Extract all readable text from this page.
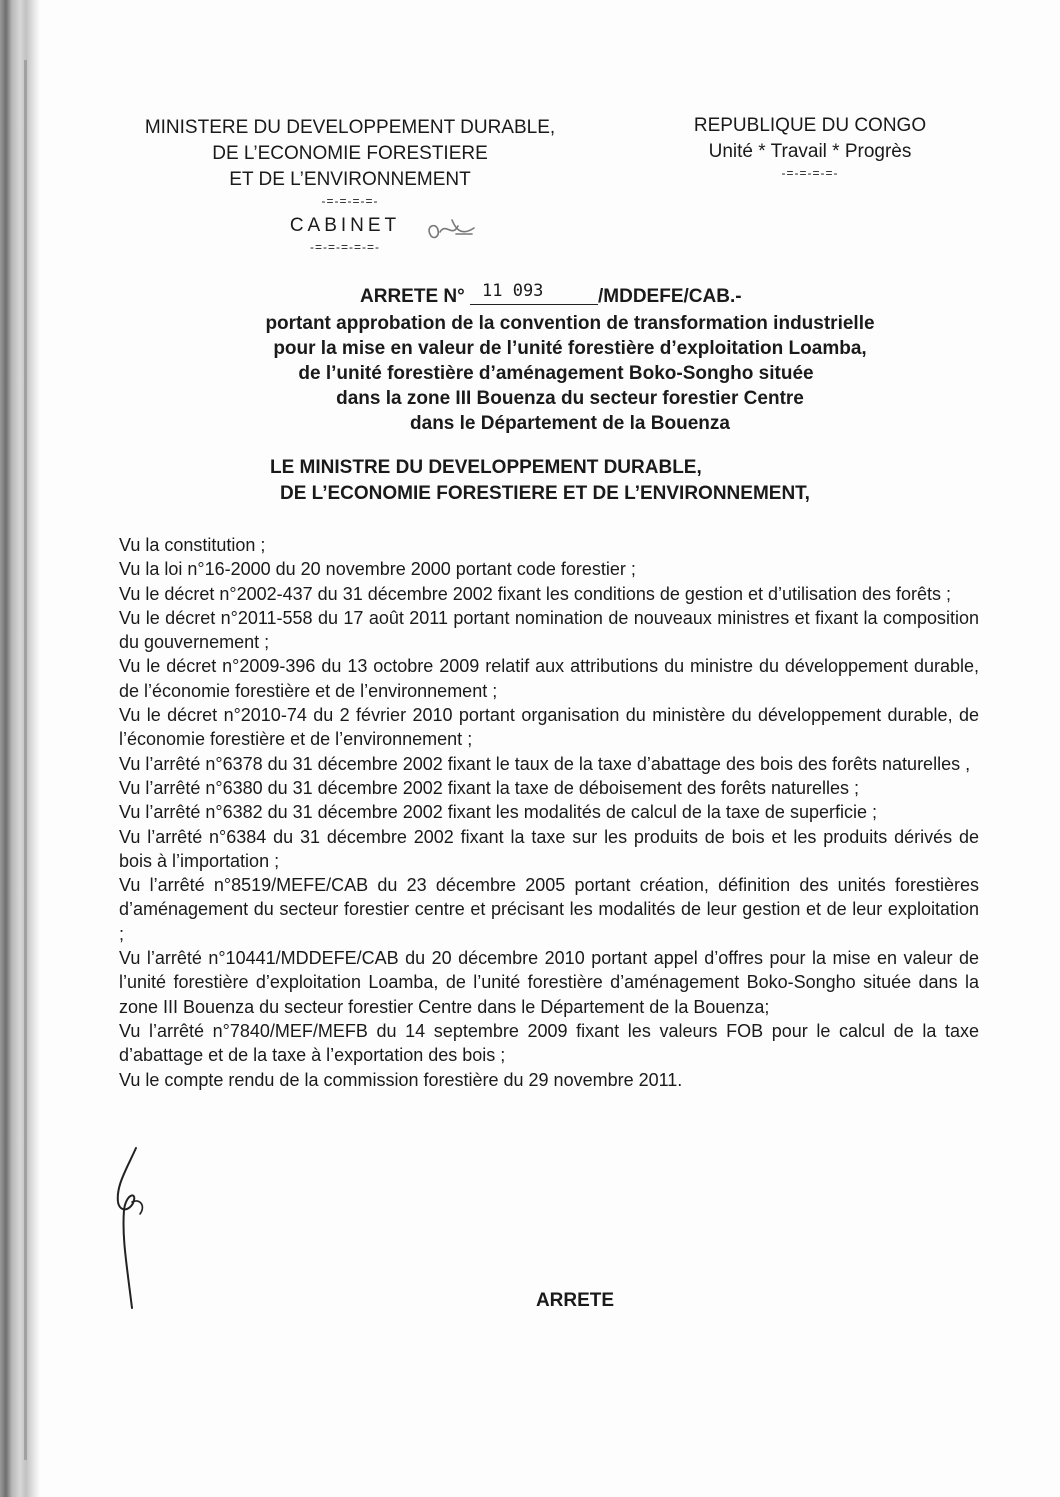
MINISTERE DU DEVELOPPEMENT DURABLE,
DE L’ECONOMIE FORESTIERE
ET DE L’ENVIRONNEMENT
-=-=-=-=-
REPUBLIQUE DU CONGO
Unité * Travail * Progrès
-=-=-=-=-
CABINET
-=-=-=-=-=-
ARRETE N° 11 093	/MDDEFE/CAB.-
portant approbation de la convention de transformation industrielle
pour la mise en valeur de l’unité forestière d’exploitation Loamba,
de l’unité forestière d’aménagement Boko-Songho située
dans la zone III Bouenza du secteur forestier Centre
dans le Département de la Bouenza
LE MINISTRE DU DEVELOPPEMENT DURABLE,
DE L’ECONOMIE FORESTIERE ET DE L’ENVIRONNEMENT,

Vu la constitution ;

Vu la loi n°16-2000 du 20 novembre 2000 portant code forestier ;

Vu le décret n°2002-437 du 31 décembre 2002 fixant les conditions de gestion et d’utilisation des forêts ;

Vu le décret n°2011-558 du 17 août 2011 portant nomination de nouveaux ministres et fixant la composition du gouvernement ;

Vu le décret n°2009-396 du 13 octobre 2009 relatif aux attributions du ministre du développement durable, de l’économie forestière et de l’environnement ;

Vu le décret n°2010-74 du 2 février 2010 portant organisation du ministère du développement durable, de l’économie forestière et de l’environnement ;

Vu l’arrêté n°6378 du 31 décembre 2002 fixant le taux de la taxe d’abattage des bois des forêts naturelles ,

Vu l’arrêté n°6380 du 31 décembre 2002 fixant la taxe de déboisement des forêts naturelles ;

Vu l’arrêté n°6382 du 31 décembre 2002 fixant les modalités de calcul de la taxe de superficie ;

Vu l’arrêté n°6384 du 31 décembre 2002 fixant la taxe sur les produits de bois et les produits dérivés de bois à l’importation ;

Vu l’arrêté n°8519/MEFE/CAB du 23 décembre 2005 portant création, définition des unités forestières d’aménagement du secteur forestier centre et précisant les modalités de leur gestion et de leur exploitation ;

Vu l’arrêté n°10441/MDDEFE/CAB du 20 décembre 2010 portant appel d’offres pour la mise en valeur de l’unité forestière d’exploitation Loamba, de l’unité forestière d’aménagement Boko-Songho située dans la zone III Bouenza du secteur forestier Centre dans le Département de la Bouenza;

Vu l’arrêté n°7840/MEF/MEFB du 14 septembre 2009 fixant les valeurs FOB pour le calcul de la taxe d’abattage et de la taxe à l’exportation des bois ;

Vu le compte rendu de la commission forestière du 29 novembre 2011.

ARRETE
